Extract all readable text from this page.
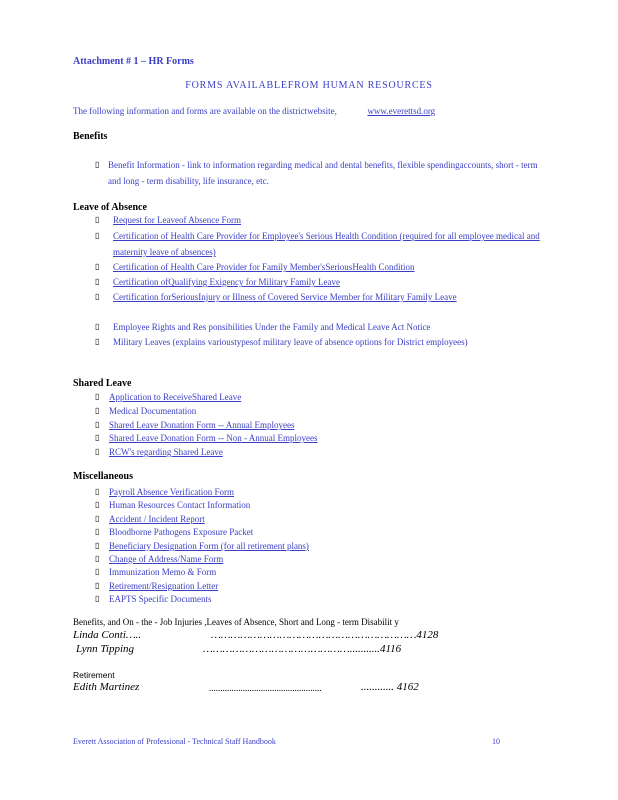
Attachment # 1 – HR Forms
FORMS AVAILABLEFROM HUMAN RESOURCES
The following information and forms are available on the districtwebsite,	www.everettsd.org
Benefits
▯ Benefit Information - link to information regarding medical and dental benefits, flexible spendingaccounts, short - term and long - term disability, life insurance, etc.
Leave of Absence
▯ Request for Leaveof Absence Form
▯ Certification of Health Care Provider for Employee's Serious Health Condition (required for all employee medical and maternity leave of absences)
▯ Certification of Health Care Provider for Family Member'sSeriousHealth Condition
▯ Certification ofQualifying Exigency for Military Family Leave
▯ Certification forSeriousInjury or Illness of Covered Service Member for Military Family Leave
▯ Employee Rights and Res ponsibilities Under the Family and Medical Leave Act Notice
▯ Military Leaves (explains varioustypesof military leave of absence options for District employees)
Shared Leave
▯ Application to ReceiveShared Leave
▯ Medical Documentation
▯ Shared Leave Donation Form -- Annual Employees
▯ Shared Leave Donation Form -- Non - Annual Employees
▯ RCW's regarding Shared Leave
Miscellaneous
▯ Payroll Absence Verification Form
▯ Human Resources Contact Information
▯ Accident / Incident Report
▯ Bloodborne Pathogens Exposure Packet
▯ Beneficiary Designation Form (for all retirement plans)
▯ Change of Address/Name Form
▯ Immunization Memo & Form
▯ Retirement/Resignation Letter
▯ EAPTS Specific Documents
Benefits, and On - the - Job Injuries ,Leaves of Absence, Short and Long - term Disabilit y
Linda Conti…..	………………………………………………………4128
Lynn Tipping	………………………………………...........4116
Retirement
Edith Martinez	..................................................	............ 4162
Everett Association of Professional - Technical Staff Handbook	10
